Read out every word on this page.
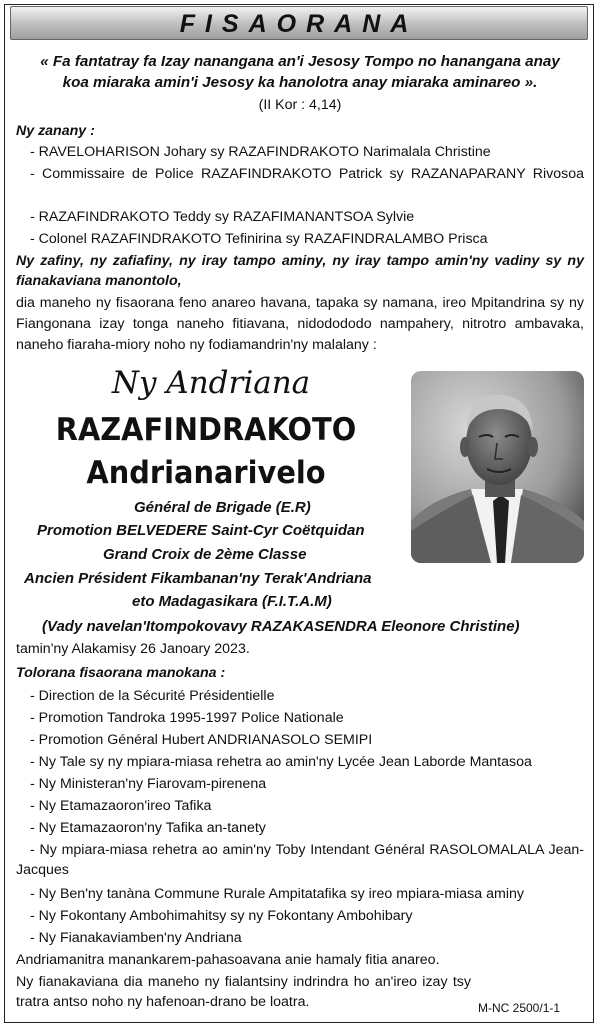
FISAORANA
« Fa fantatray fa Izay nanangana an'i Jesosy Tompo no hanangana anay
koa miaraka amin'i Jesosy ka hanolotra anay miaraka aminareo ».
(II Kor : 4,14)
Ny zanany :
- RAVELOHARISON Johary sy RAZAFINDRAKOTO Narimalala Christine
- Commissaire de Police RAZAFINDRAKOTO Patrick sy RAZANAPARANY Rivosoa
- RAZAFINDRAKOTO Teddy sy RAZAFIMANANTSOA Sylvie
- Colonel RAZAFINDRAKOTO Tefinirina sy RAZAFINDRALAMBO Prisca
Ny zafiny, ny zafiafiny, ny iray tampo aminy, ny iray tampo amin'ny vadiny sy ny fianakaviana manontolo,
dia maneho ny fisaorana feno anareo havana, tapaka sy namana, ireo Mpitandrina sy ny Fiangonana izay tonga naneho fitiavana, nidodododo nampahery, nitrotro ambavaka, naneho fiaraha-miory noho ny fodiamandrin'ny malalany :
Ny Andriana
RAZAFINDRAKOTO
Andrianarivelo
Général de Brigade (E.R)
Promotion BELVEDERE Saint-Cyr Coëtquidan
Grand Croix de 2ème Classe
Ancien Président Fikambanan'ny Terak'Andriana
eto Madagasikara (F.I.T.A.M)
(Vady navelan'Itompokovavy RAZAKASENDRA Eleonore Christine)
tamin'ny Alakamisy 26 Janoary 2023.
Tolorana fisaorana manokana :
- Direction de la Sécurité Présidentielle
- Promotion Tandroka 1995-1997 Police Nationale
- Promotion Général Hubert ANDRIANASOLO SEMIPI
- Ny Tale sy ny mpiara-miasa rehetra ao amin'ny Lycée Jean Laborde Mantasoa
- Ny Ministeran'ny Fiarovam-pirenena
- Ny Etamazaoron'ireo Tafika
- Ny Etamazaoron'ny Tafika an-tanety
- Ny mpiara-miasa rehetra ao amin'ny Toby Intendant Général RASOLOMALALA Jean-Jacques
- Ny Ben'ny tanàna Commune Rurale Ampitatafika sy ireo mpiara-miasa aminy
- Ny Fokontany Ambohimahitsy sy ny Fokontany Ambohibary
- Ny Fianakaviamben'ny Andriana
Andriamanitra manankarem-pahasoavana anie hamaly fitia anareo.
Ny fianakaviana dia maneho ny fialantsiny indrindra ho an'ireo izay tsy tratra antso noho ny hafenoan-drano be loatra.	M-NC 2500/1-1
